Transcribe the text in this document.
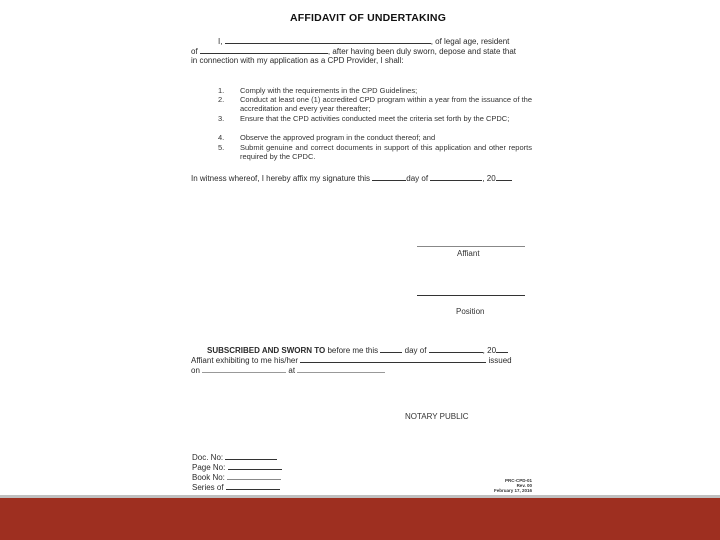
AFFIDAVIT OF UNDERTAKING
I,	, of legal age, resident
of	, after having been duly sworn, depose and state that
in connection with my application as a CPD Provider, I shall:
1. Comply with the requirements in the CPD Guidelines;
2. Conduct at least one (1) accredited CPD program within a year from the issuance of the accreditation and every year thereafter;
3. Ensure that the CPD activities conducted meet the criteria set forth by the CPDC;
4. Observe the approved program in the conduct thereof; and
5. Submit genuine and correct documents in support of this application and other reports required by the CPDC.
In witness whereof, I hereby affix my signature this	day of	, 20
Affiant
Position
SUBSCRIBED AND SWORN TO before me this	day of	, 20
Affiant exhibiting to me his/her	issued
on	at
NOTARY PUBLIC
Doc. No:
Page No:
Book No:
Series of
PRC-CPD-01
Rev. 00
February 17, 2016
